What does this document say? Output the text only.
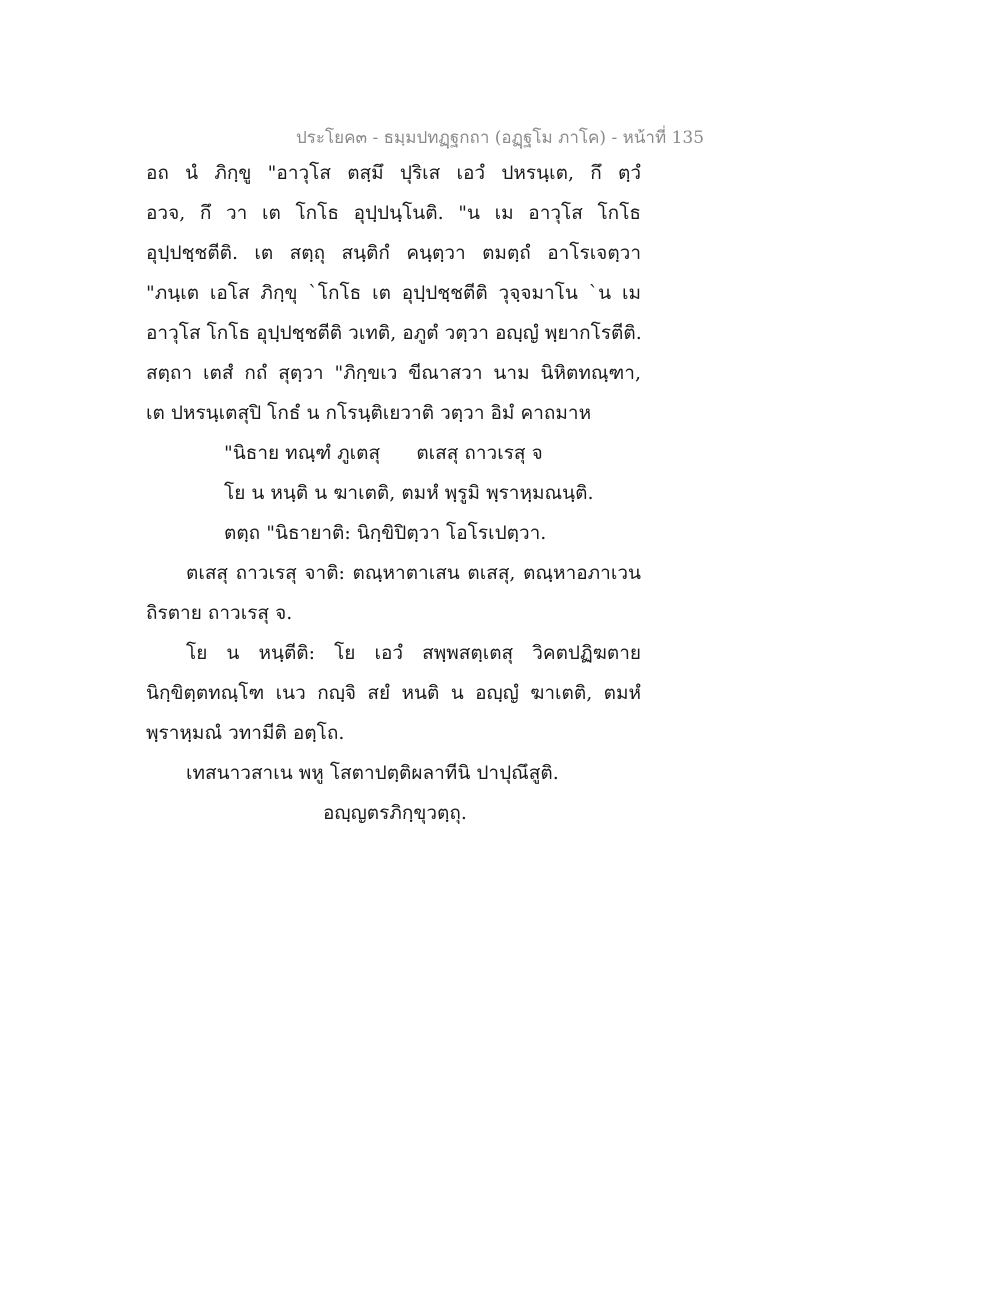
ประโยค๓ - ธมฺมปทฏฺฐกถา (อฏฺฐโม ภาโค) - หน้าที่ 135
อถ นํ ภิกฺขู "อาวุโส ตสฺมึ ปุริเส เอวํ ปหรนฺเต, กึ ตฺวํ
อวจ, กึ วา เต โกโธ อุปฺปนฺโนติ. "น เม อาวุโส โกโธ
อุปฺปชฺชตีติ. เต สตฺถุ สนฺติกํ คนฺตฺวา ตมตฺถํ อาโรเจตฺวา
"ภนฺเต เอโส ภิกฺขุ `โกโธ เต อุปฺปชฺชตีติ วุจฺจมาโน `น เม
อาวุโส โกโธ อุปฺปชฺชตีติ วเทติ, อภูตํ วตฺวา อญฺญํ พฺยากโรตีติ.
สตฺถา เตสํ กถํ สุตฺวา "ภิกฺขเว ขีณาสวา นาม นิหิตทณฺฑา,
เต ปหรนฺเตสุปิ โกธํ น กโรนฺติเยวาติ วตฺวา อิมํ คาถมาห
"นิธาย ทณฺฑํ ภูเตสุ      ตเสสุ ถาวเรสุ จ
โย น หนฺติ น ฆาเตติ, ตมหํ พฺรูมิ พฺราหฺมณนฺติ.
ตตฺถ "นิธายาติ: นิกฺขิปิตฺวา โอโรเปตฺวา.
ตเสสุ ถาวเรสุ จาติ: ตณฺหาตาเสน ตเสสุ, ตณฺหาอภาเวน
ถิรตาย ถาวเรสุ จ.
โย น หนฺตีติ: โย เอวํ สพฺพสตฺเตสุ วิคตปฏิฆตาย
นิกฺขิตฺตทณฺโฑ เนว กญฺจิ สยํ หนติ น อญฺญํ ฆาเตติ, ตมหํ
พฺราหฺมณํ วทามีติ อตฺโถ.
เทสนาวสาเน พหู โสตาปตฺติผลาทีนิ ปาปุณึสูติ.
อญฺญตรภิกฺขุวตฺถุ.
